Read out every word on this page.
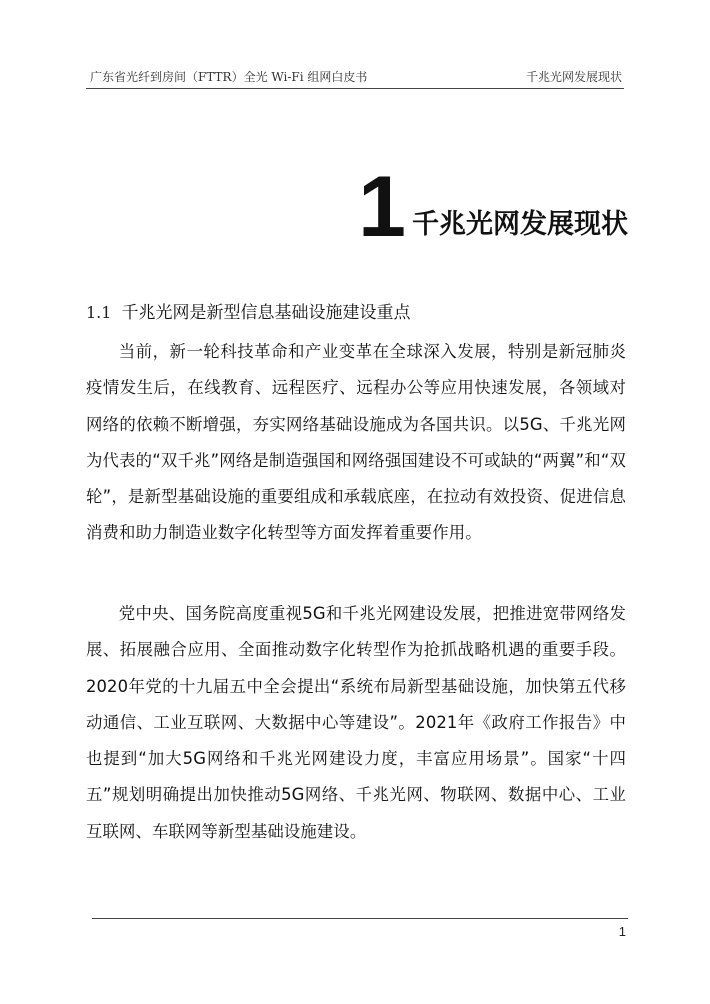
广东省光纤到房间（FTTR）全光 Wi-Fi 组网白皮书	千兆光网发展现状
1 千兆光网发展现状
1.1 千兆光网是新型信息基础设施建设重点

当前，新一轮科技革命和产业变革在全球深入发展，特别是新冠肺炎疫情发生后，在线教育、远程医疗、远程办公等应用快速发展，各领域对网络的依赖不断增强，夯实网络基础设施成为各国共识。以5G、千兆光网为代表的“双千兆”网络是制造强国和网络强国建设不可或缺的“两翼”和“双轮”，是新型基础设施的重要组成和承载底座，在拉动有效投资、促进信息消费和助力制造业数字化转型等方面发挥着重要作用。

党中央、国务院高度重视5G和千兆光网建设发展，把推进宽带网络发展、拓展融合应用、全面推动数字化转型作为抢抓战略机遇的重要手段。2020年党的十九届五中全会提出“系统布局新型基础设施，加快第五代移动通信、工业互联网、大数据中心等建设”。2021年《政府工作报告》中也提到“加大5G网络和千兆光网建设力度，丰富应用场景”。国家“十四五”规划明确提出加快推动5G网络、千兆光网、物联网、数据中心、工业互联网、车联网等新型基础设施建设。

1
